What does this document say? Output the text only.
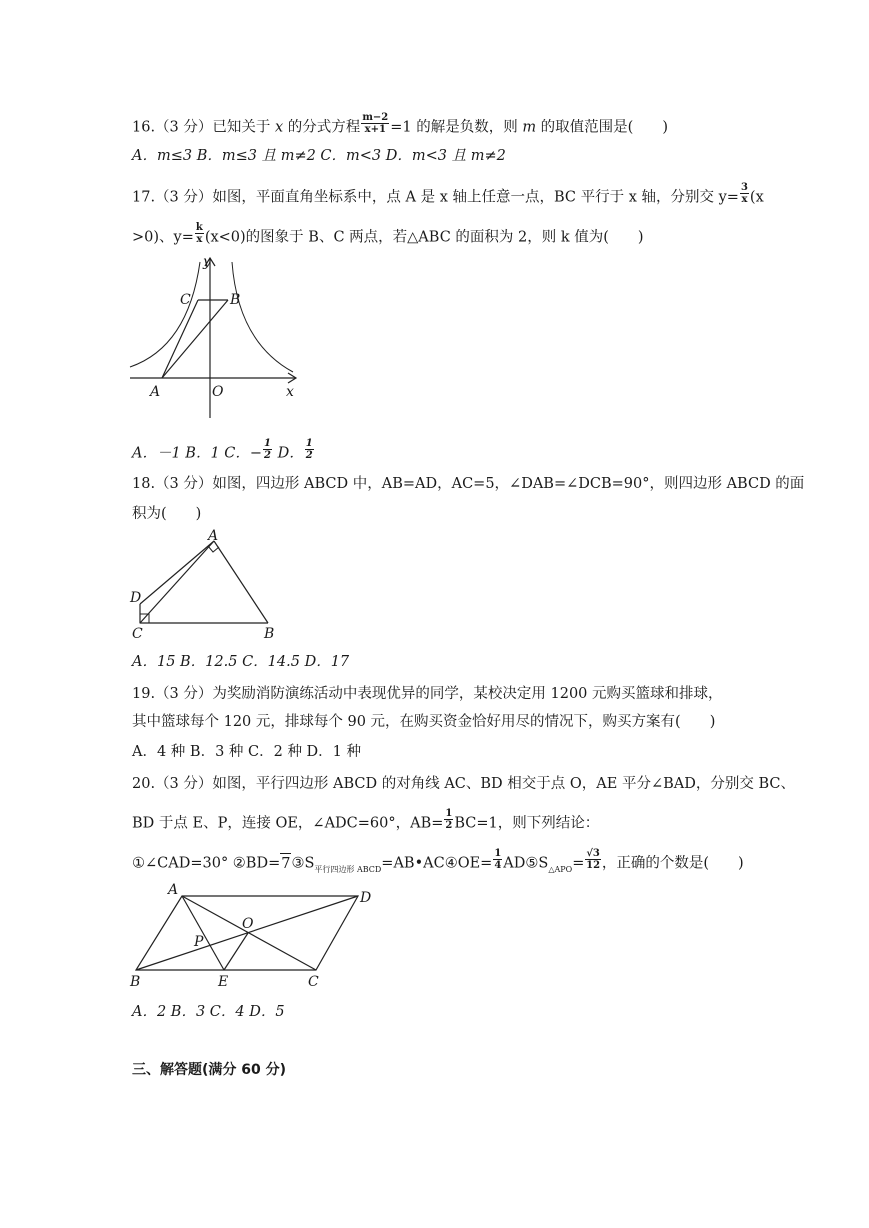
16.（3 分）已知关于 x 的分式方程 $\frac{m-2}{x+1} =1$ 的解是负数，则 m 的取值范围是(　　)
A．m≤3 B．m≤3 且 m≠2 C．m<3 D．m<3 且 m≠2
17.（3 分）如图，平面直角坐标系中，点 A 是 x 轴上任意一点，BC 平行于 x 轴，分别交 $y= \frac{3}{x} (x$
>0)、$y= \frac{k}{x} (x<0)$的图象于 B、C 两点，若△ABC 的面积为 2，则 k 值为(　　)
y
C	B
A	O	x
A．－1 B．1 C．− $\frac{1}{2}$ D． $\frac{1}{2}$
18.（3 分）如图，四边形 ABCD 中，AB=AD，AC=5，∠DAB=∠DCB=90°，则四边形 ABCD 的面
积为(　　)
A
D
C	B
A．15 B．12.5 C．14.5 D．17
19.（3 分）为奖励消防演练活动中表现优异的同学，某校决定用 1200 元购买篮球和排球，
其中篮球每个 120 元，排球每个 90 元，在购买资金恰好用尽的情况下，购买方案有(　　)
A．4 种 B．3 种 C．2 种 D．1 种
20.（3 分）如图，平行四边形 ABCD 的对角线 AC、BD 相交于点 O，AE 平分∠BAD，分别交 BC、
BD 于点 E、P，连接 OE，∠ADC=60°，$AB= \frac{1}{2} BC=1$，则下列结论：
①∠CAD=30° $②BD=7③S_{平行四边形 ABCD}=AB•AC④OE= \frac{1}{4}$ $AD⑤S_{\triangle APO}= \frac{√3}{12}$ ，正确的个数是(　　)
A	D
O
P
B	E	C
A．2 B．3 C．4 D．5
三、解答题(满分 60 分)
